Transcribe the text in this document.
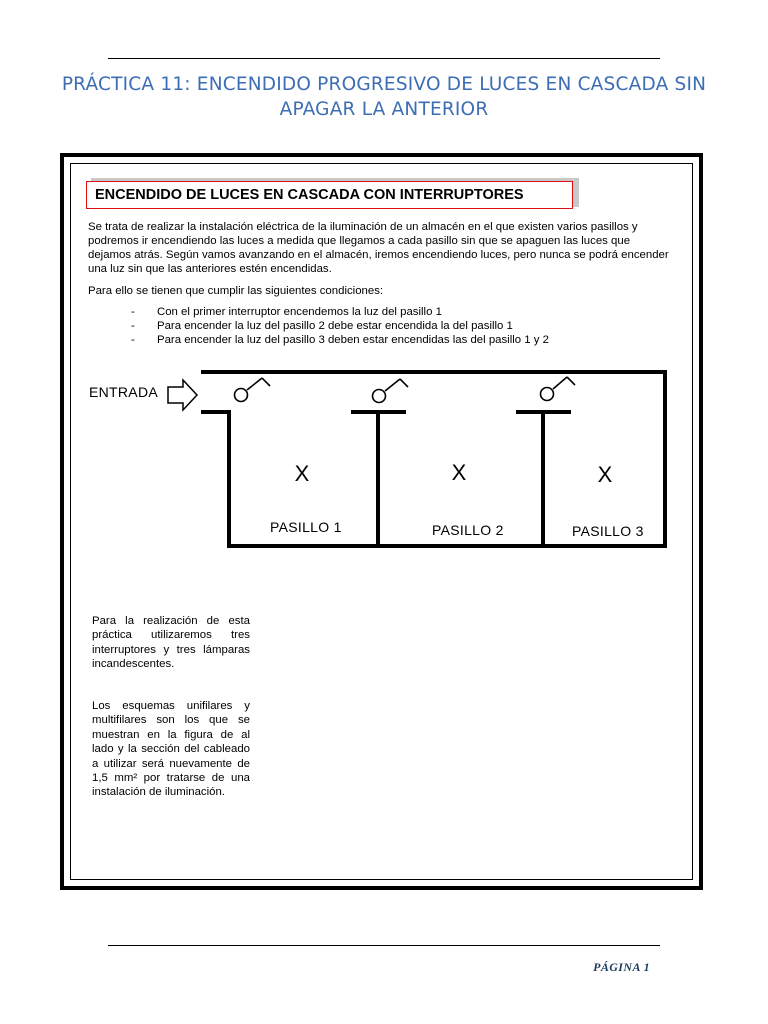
PRÁCTICA 11: ENCENDIDO PROGRESIVO DE LUCES EN CASCADA SIN
APAGAR LA ANTERIOR
ENCENDIDO DE LUCES EN CASCADA CON INTERRUPTORES

Se trata de realizar la instalación eléctrica de la iluminación de un almacén en el que existen varios pasillos y podremos ir encendiendo las luces a medida que llegamos a cada pasillo sin que se apaguen las luces que dejamos atrás. Según vamos avanzando en el almacén, iremos encendiendo luces, pero nunca se podrá encender una luz sin que las anteriores estén encendidas.

Para ello se tienen que cumplir las siguientes condiciones:

- Con el primer interruptor encendemos la luz del pasillo 1
- Para encender la luz del pasillo 2 debe estar encendida la del pasillo 1
- Para encender la luz del pasillo 3 deben estar encendidas las del pasillo 1 y 2
X	X	X
ENTRADA
PASILLO 1	PASILLO 2	PASILLO 3

Para la realización de esta práctica utilizaremos tres interruptores y tres lámparas incandescentes.

Los esquemas unifilares y multifilares son los que se muestran en la figura de al lado y la sección del cableado a utilizar será nuevamente de 1,5 mm² por tratarse de una instalación de iluminación.

PÁGINA 1
